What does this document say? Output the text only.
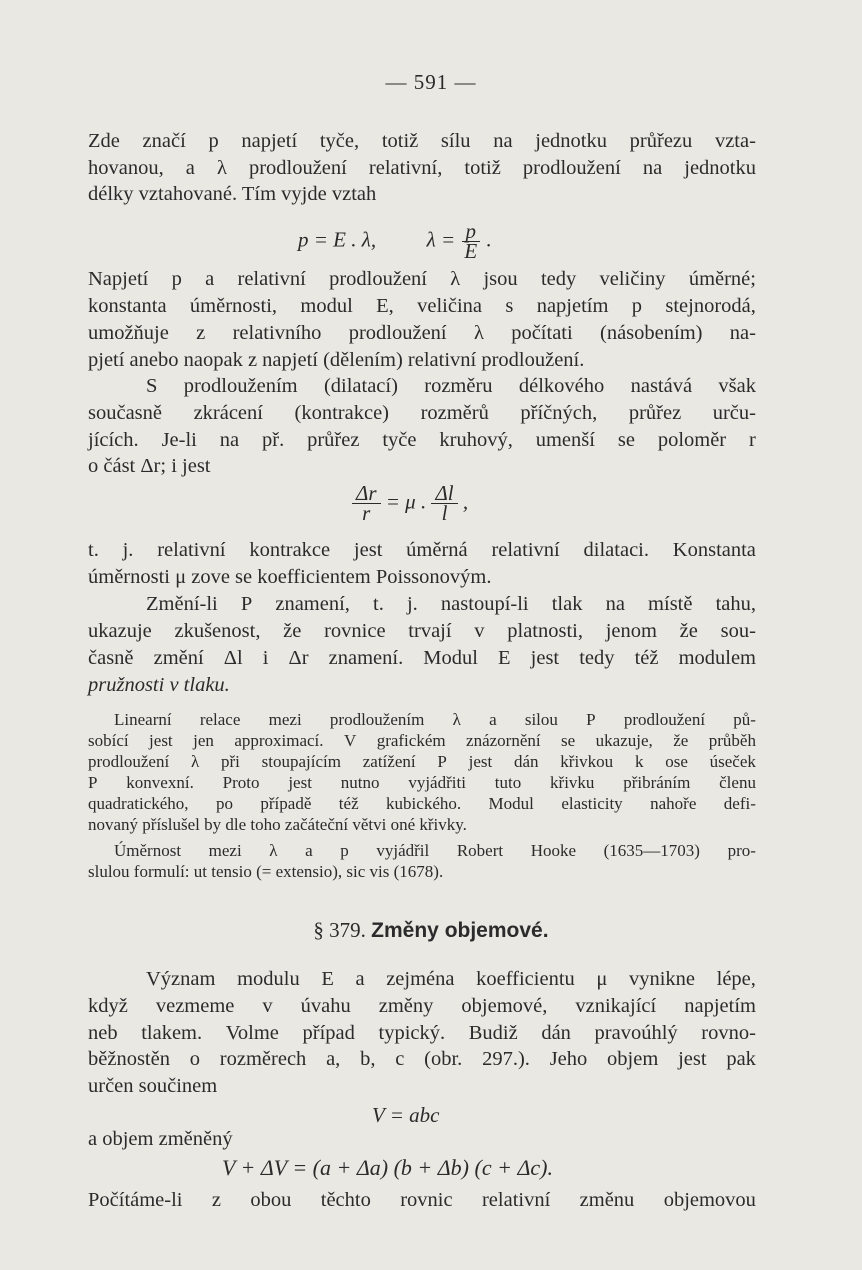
— 591 —
Zde značí p napjetí tyče, totiž sílu na jednotku průřezu vzta-
hovanou, a λ prodloužení relativní, totiž prodloužení na jednotku
délky vztahované. Tím vyjde vztah
p = E . λ, $\lambda = \frac{p}{E}$ .
Napjetí p a relativní prodloužení λ jsou tedy veličiny úměrné;
konstanta úměrnosti, modul E, veličina s napjetím p stejnorodá,
umožňuje z relativního prodloužení λ počítati (násobením) na-
pjetí anebo naopak z napjetí (dělením) relativní prodloužení.
S prodloužením (dilatací) rozměru délkového nastává však
současně zkrácení (kontrakce) rozměrů příčných, průřez urču-
jících. Je-li na př. průřez tyče kruhový, umenší se poloměr r
o část Δr; i jest
$\frac{\Delta r}{r} = \mu$ . $\frac{\Delta l}{l}$ ,
t. j. relativní kontrakce jest úměrná relativní dilataci. Konstanta
úměrnosti μ zove se koefficientem Poissonovým.
Změní-li P znamení, t. j. nastoupí-li tlak na místě tahu,
ukazuje zkušenost, že rovnice trvají v platnosti, jenom že sou-
časně změní Δl i Δr znamení. Modul E jest tedy též modulem
pružnosti v tlaku.
Linearní relace mezi prodloužením λ a silou P prodloužení pů-
sobící jest jen approximací. V grafickém znázornění se ukazuje, že průběh
prodloužení λ při stoupajícím zatížení P jest dán křivkou k ose úseček
P konvexní. Proto jest nutno vyjádřiti tuto křivku přibráním členu
quadratického, po případě též kubického. Modul elasticity nahoře defi-
novaný příslušel by dle toho začáteční větvi oné křivky.
Úměrnost mezi λ a p vyjádřil Robert Hooke (1635—1703) pro-
slulou formulí: ut tensio (= extensio), sic vis (1678).
§ 379. Změny objemové.
Význam modulu E a zejména koefficientu μ vynikne lépe,
když vezmeme v úvahu změny objemové, vznikající napjetím
neb tlakem. Volme případ typický. Budiž dán pravoúhlý rovno-
běžnostěn o rozměrech a, b, c (obr. 297.). Jeho objem jest pak
určen součinem
V = abc
a objem změněný
V + ΔV = (a + Δa) (b + Δb) (c + Δc).
Počítáme-li z obou těchto rovnic relativní změnu objemovou
